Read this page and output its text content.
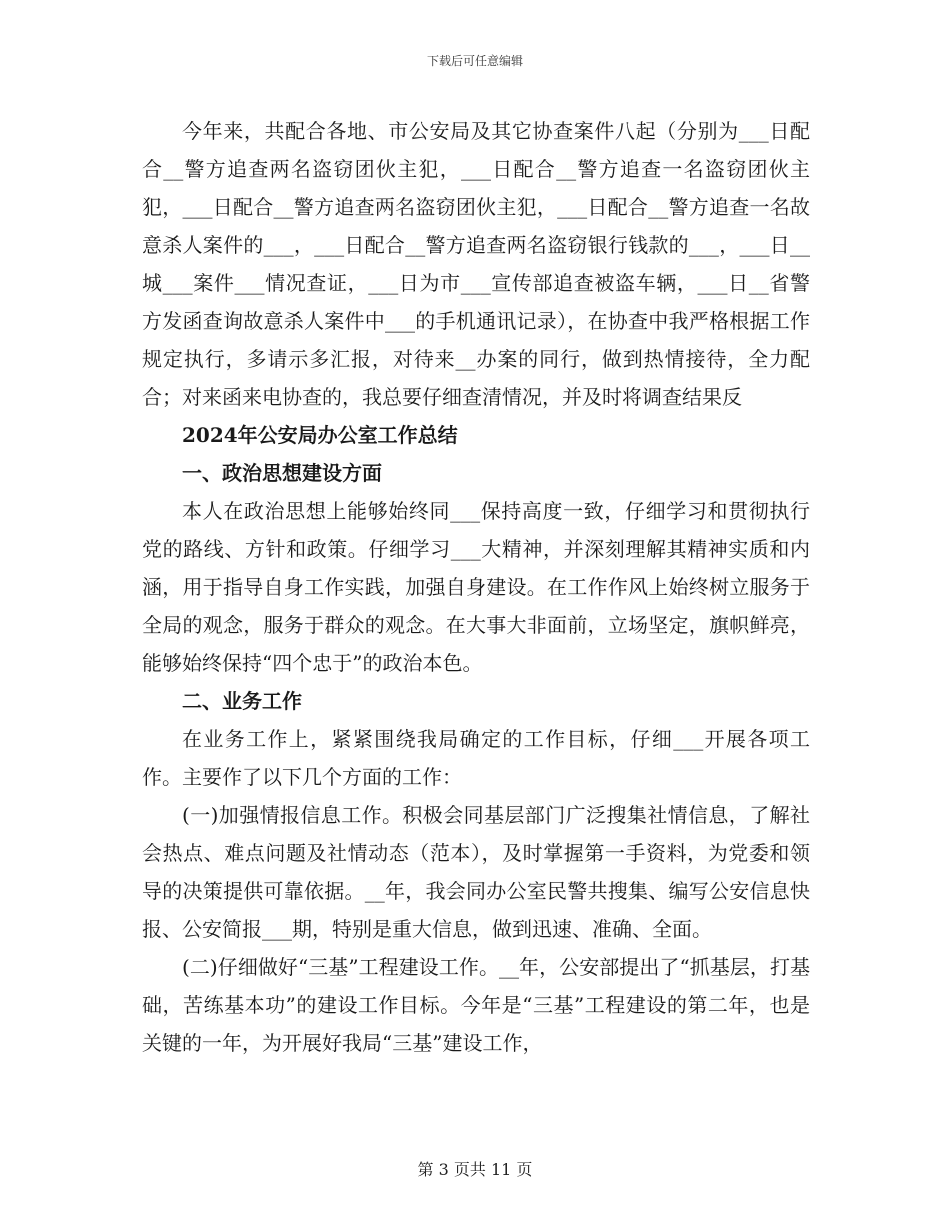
下载后可任意编辑

今年来，共配合各地、市公安局及其它协查案件八起（分别为___日配合__警方追查两名盗窃团伙主犯，___日配合__警方追查一名盗窃团伙主犯，___日配合__警方追查两名盗窃团伙主犯，___日配合__警方追查一名故意杀人案件的___，___日配合__警方追查两名盗窃银行钱款的___，___日__城___案件___情况查证，___日为市___宣传部追查被盗车辆，___日__省警方发函查询故意杀人案件中___的手机通讯记录），在协查中我严格根据工作规定执行，多请示多汇报，对待来__办案的同行，做到热情接待，全力配合；对来函来电协查的，我总要仔细查清情况，并及时将调查结果反

2024年公安局办公室工作总结

一、政治思想建设方面

本人在政治思想上能够始终同___保持高度一致，仔细学习和贯彻执行党的路线、方针和政策。仔细学习___大精神，并深刻理解其精神实质和内涵，用于指导自身工作实践，加强自身建设。在工作作风上始终树立服务于全局的观念，服务于群众的观念。在大事大非面前，立场坚定，旗帜鲜亮，能够始终保持“四个忠于”的政治本色。

二、业务工作

在业务工作上，紧紧围绕我局确定的工作目标，仔细___开展各项工作。主要作了以下几个方面的工作：

(一)加强情报信息工作。积极会同基层部门广泛搜集社情信息，了解社会热点、难点问题及社情动态（范本），及时掌握第一手资料，为党委和领导的决策提供可靠依据。__年，我会同办公室民警共搜集、编写公安信息快报、公安简报___期，特别是重大信息，做到迅速、准确、全面。

(二)仔细做好“三基”工程建设工作。__年，公安部提出了“抓基层，打基础，苦练基本功”的建设工作目标。今年是“三基”工程建设的第二年，也是关键的一年，为开展好我局“三基”建设工作，

第 3 页共 11 页
